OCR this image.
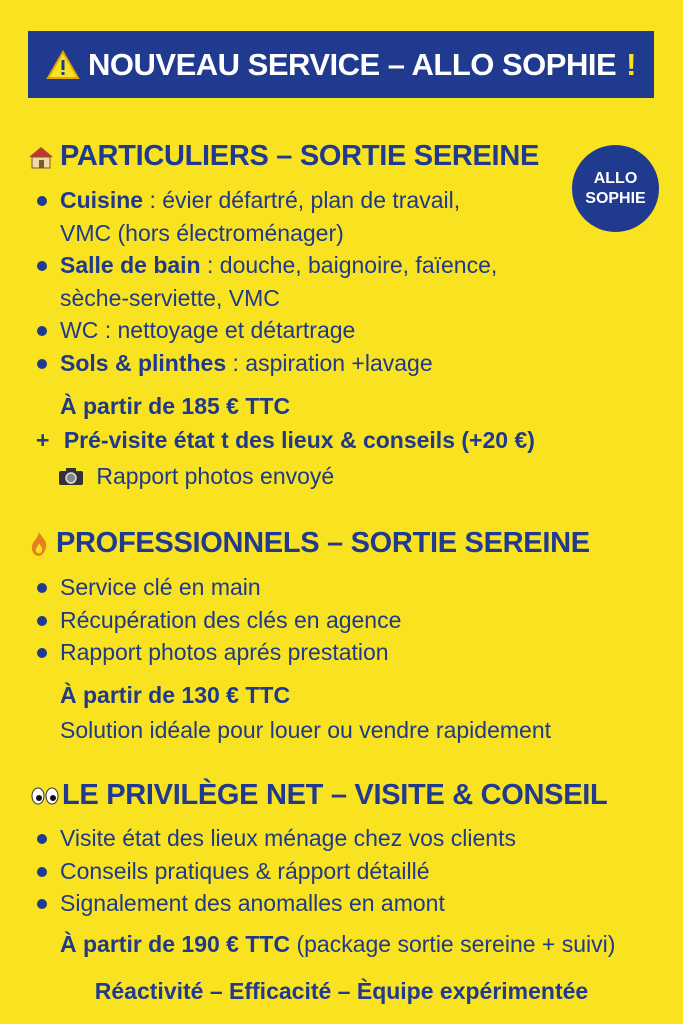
NOUVEAU SERVICE – ALLO SOPHIE !
ALLO
SOPHIE
PARTICULIERS – SORTIE SEREINE
Cuisine : évier défartré, plan de travail,
VMC (hors électroménager)
Salle de bain : douche, baignoire, faïence,
sèche-serviette, VMC
WC : nettoyage et détartrage
Sols & plinthes : aspiration +lavage
À partir de 185 € TTC
+ Pré-visite état t des lieux & conseils (+20 €)
Rapport photos envoyé
PROFESSIONNELS – SORTIE SEREINE
Service clé en main
Récupération des clés en agence
Rapport photos aprés prestation
À partir de 130 € TTC
Solution idéale pour louer ou vendre rapidement
LE PRIVILÈGE NET – VISITE & CONSEIL
Visite état des lieux ménage chez vos clients
Conseils pratiques & rápport détaillé
Signalement des anomalles en amont
À partir de 190 € TTC (package sortie sereine + suivi)
Réactivité – Efficacité – Èquipe expérimentée
